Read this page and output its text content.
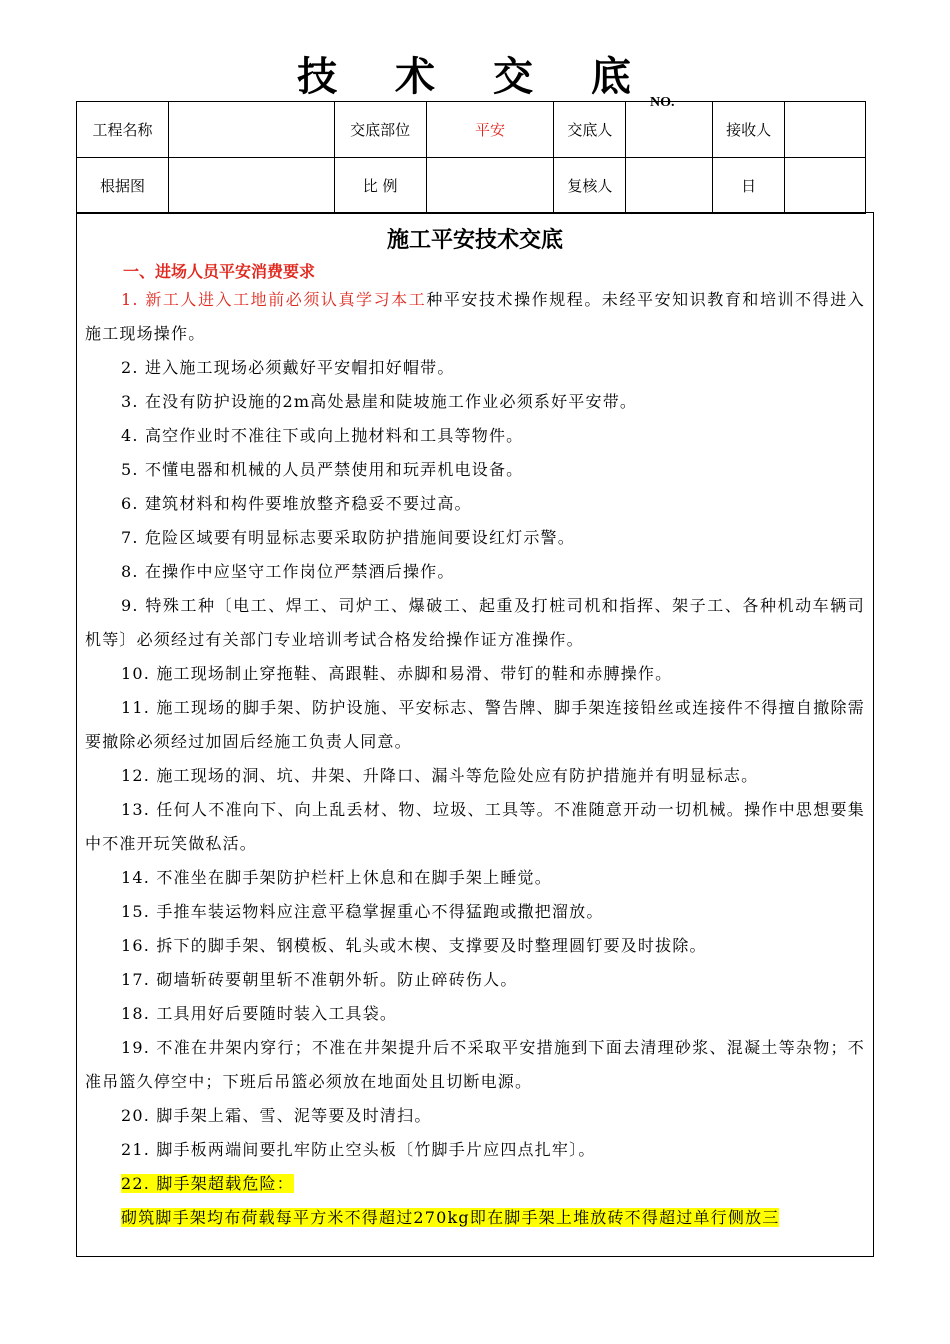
技 术 交 底
NO.
工程名称		交底部位	平安	交底人		接收人	
根据图		比 例		复核人		日	
施工平安技术交底
一、进场人员平安消费要求
1. 新工人进入工地前必须认真学习本工种平安技术操作规程。未经平安知识教育和培训不得进入施工现场操作。
2. 进入施工现场必须戴好平安帽扣好帽带。
3. 在没有防护设施的2m高处悬崖和陡坡施工作业必须系好平安带。
4. 高空作业时不准往下或向上抛材料和工具等物件。
5. 不懂电器和机械的人员严禁使用和玩弄机电设备。
6. 建筑材料和构件要堆放整齐稳妥不要过高。
7. 危险区域要有明显标志要采取防护措施间要设红灯示警。
8. 在操作中应坚守工作岗位严禁酒后操作。
9. 特殊工种〔电工、焊工、司炉工、爆破工、起重及打桩司机和指挥、架子工、各种机动车辆司机等〕必须经过有关部门专业培训考试合格发给操作证方准操作。
10. 施工现场制止穿拖鞋、高跟鞋、赤脚和易滑、带钉的鞋和赤膊操作。
11. 施工现场的脚手架、防护设施、平安标志、警告牌、脚手架连接铅丝或连接件不得擅自撤除需要撤除必须经过加固后经施工负责人同意。
12. 施工现场的洞、坑、井架、升降口、漏斗等危险处应有防护措施并有明显标志。
13. 任何人不准向下、向上乱丢材、物、垃圾、工具等。不准随意开动一切机械。操作中思想要集中不准开玩笑做私活。
14. 不准坐在脚手架防护栏杆上休息和在脚手架上睡觉。
15. 手推车装运物料应注意平稳掌握重心不得猛跑或撒把溜放。
16. 拆下的脚手架、钢模板、轧头或木楔、支撑要及时整理圆钉要及时拔除。
17. 砌墙斩砖要朝里斩不准朝外斩。防止碎砖伤人。
18. 工具用好后要随时装入工具袋。
19. 不准在井架内穿行；不准在井架提升后不采取平安措施到下面去清理砂浆、混凝土等杂物；不准吊篮久停空中；下班后吊篮必须放在地面处且切断电源。
20. 脚手架上霜、雪、泥等要及时清扫。
21. 脚手板两端间要扎牢防止空头板〔竹脚手片应四点扎牢〕。
22. 脚手架超载危险：
砌筑脚手架均布荷载每平方米不得超过270kg即在脚手架上堆放砖不得超过单行侧放三
